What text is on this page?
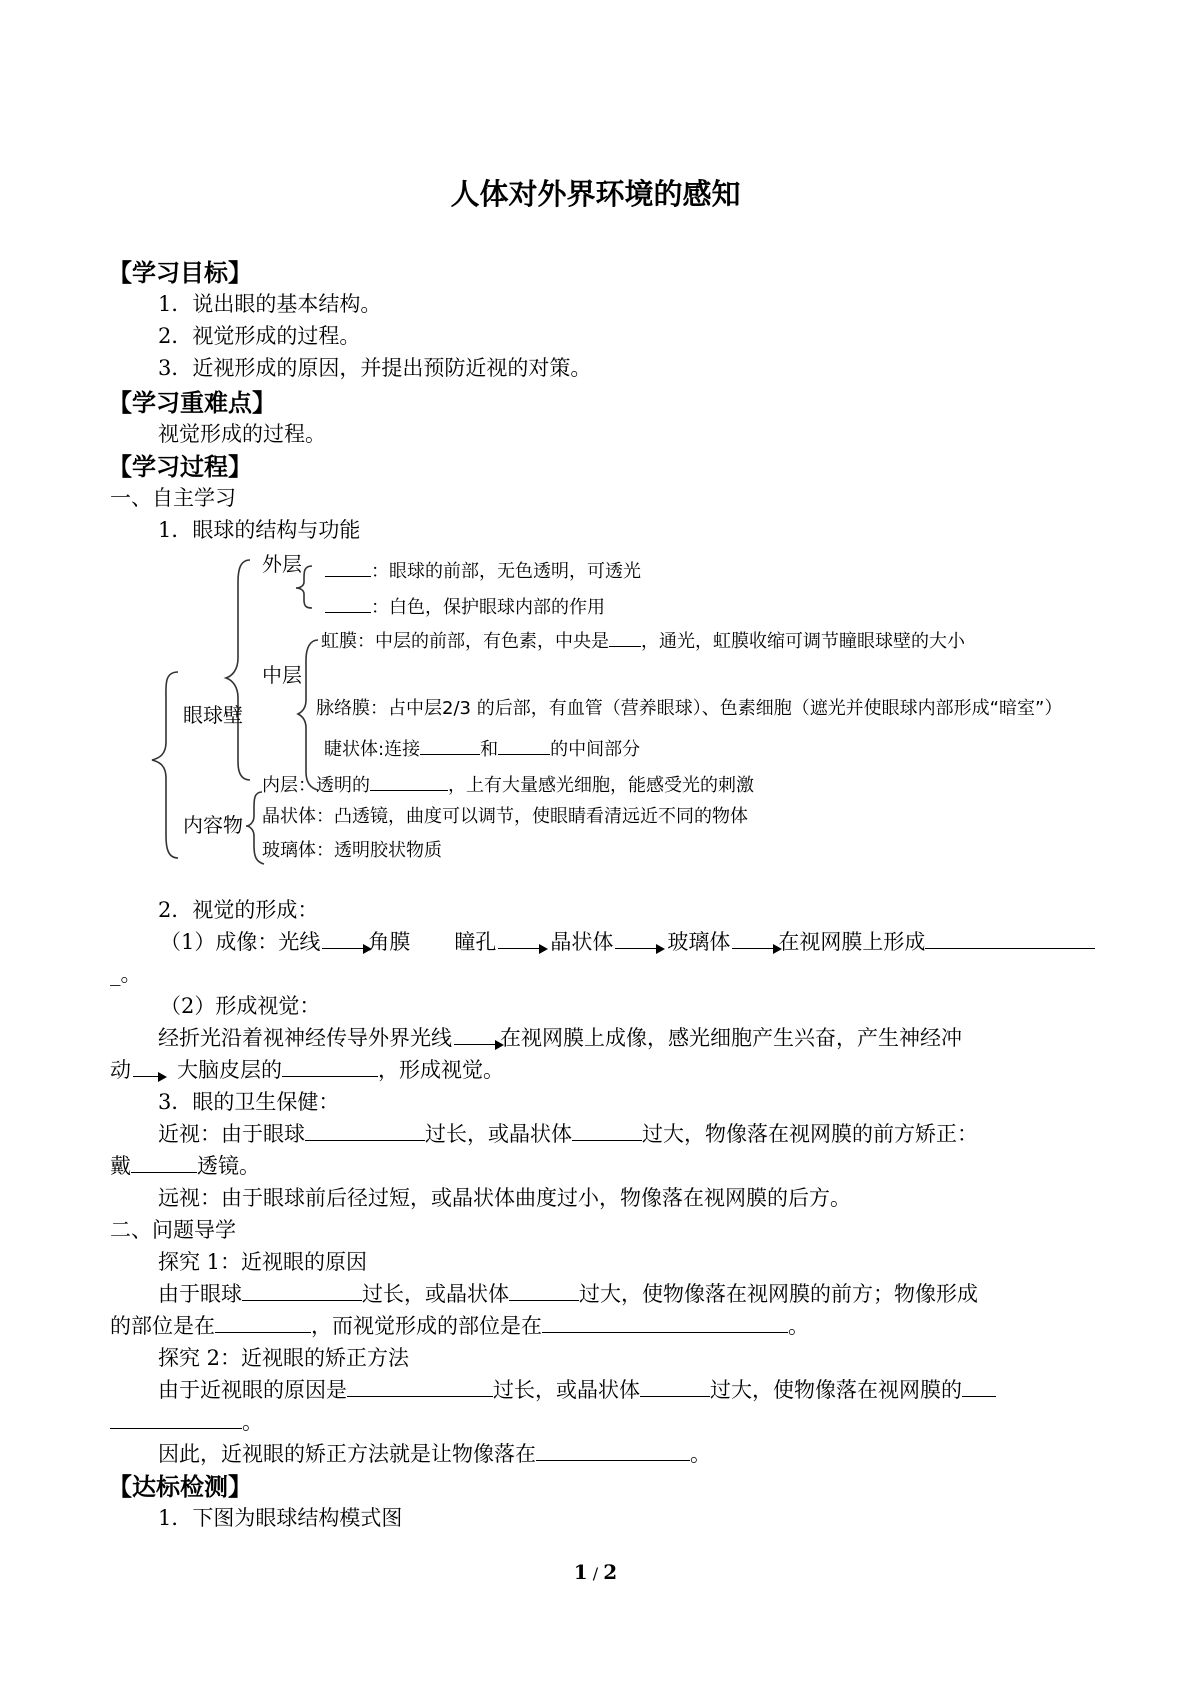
人体对外界环境的感知
【学习目标】
1．说出眼的基本结构。
2．视觉形成的过程。
3．近视形成的原因，并提出预防近视的对策。
【学习重难点】
视觉形成的过程。
【学习过程】
一、自主学习
1．眼球的结构与功能
眼球壁
内容物
外层
中层
：眼球的前部，无色透明，可透光
：白色，保护眼球内部的作用
虹膜：中层的前部，有色素，中央是 ，通光，虹膜收缩可调节瞳眼球壁的大小
脉络膜：占中层2/3 的后部，有血管（营养眼球）、色素细胞（遮光并使眼球内部形成“暗室”）
睫状体:连接	和	的中间部分
内层：透明的	，上有大量感光细胞，能感受光的刺激
晶状体：凸透镜，曲度可以调节，使眼睛看清远近不同的物体
玻璃体：透明胶状物质
2．视觉的形成：
（1）成像：光线 角膜 瞳孔	晶状体	玻璃体 在视网膜上形成
_。
（2）形成视觉：
经折光沿着视神经传导外界光线 在视网膜上成像，感光细胞产生兴奋，产生神经冲
动 大脑皮层的	，形成视觉。
3．眼的卫生保健：
近视：由于眼球	过长，或晶状体	过大，物像落在视网膜的前方矫正：
戴	透镜。
远视：由于眼球前后径过短，或晶状体曲度过小，物像落在视网膜的后方。
二、问题导学
探究 1：近视眼的原因
由于眼球	过长，或晶状体	过大，使物像落在视网膜的前方；物像形成
的部位是在	，而视觉形成的部位是在	。
探究 2：近视眼的矫正方法
由于近视眼的原因是	过长，或晶状体	过大，使物像落在视网膜的
。
因此，近视眼的矫正方法就是让物像落在	。
【达标检测】
1．下图为眼球结构模式图
1 / 2
